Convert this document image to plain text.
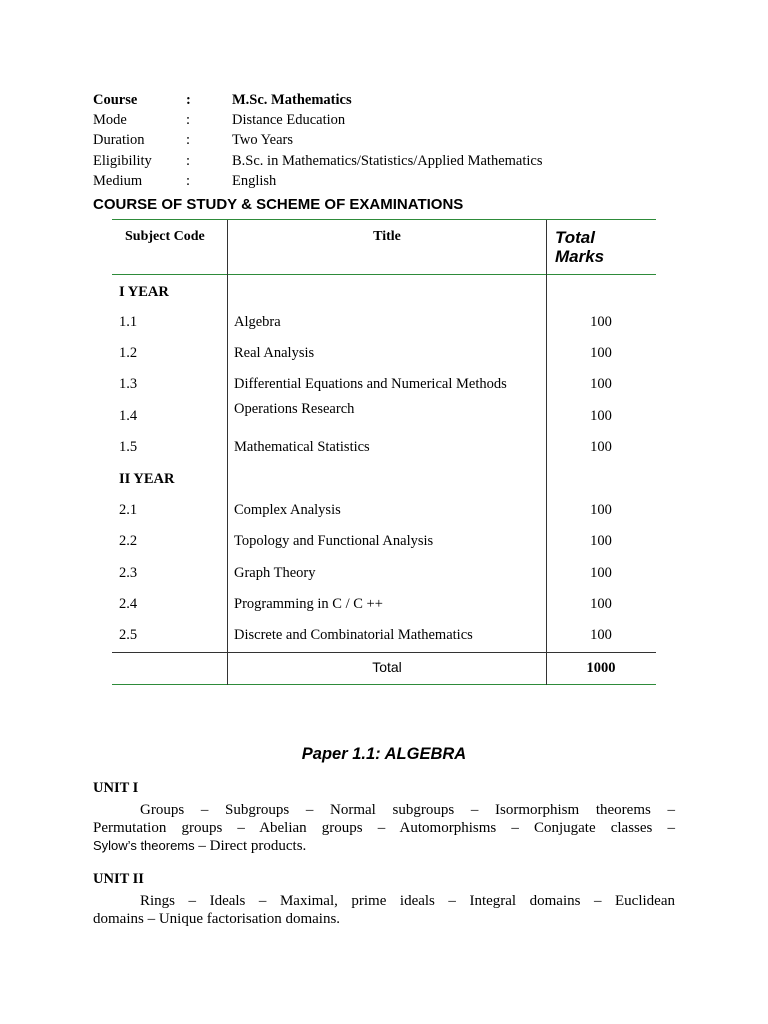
Course	:	M.Sc. Mathematics
Mode	:	Distance Education
Duration	:	Two Years
Eligibility :	B.Sc. in Mathematics/Statistics/Applied Mathematics
Medium	:	English
COURSE OF STUDY & SCHEME OF EXAMINATIONS
Subject Code	Title	Total
Marks
I YEAR
1.1	Algebra	100
1.2	Real Analysis	100
1.3	Differential Equations and Numerical Methods	100
1.4	Operations Research	100
1.5	Mathematical Statistics	100
II YEAR
2.1	Complex Analysis	100
2.2	Topology and Functional Analysis	100
2.3	Graph Theory	100
2.4	Programming in C / C ++	100
2.5	Discrete and Combinatorial Mathematics	100
Total	1000
Paper 1.1: ALGEBRA
UNIT I
Groups – Subgroups – Normal subgroups – Isormorphism theorems –
Permutation groups – Abelian groups – Automorphisms – Conjugate classes –
Sylow’s theorems – Direct products.
UNIT II
Rings – Ideals – Maximal, prime ideals – Integral domains – Euclidean
domains – Unique factorisation domains.
